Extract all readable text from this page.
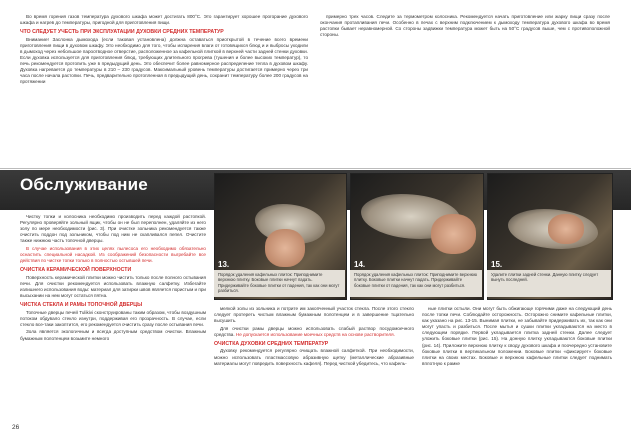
Во время горения газов температура духового шкафа может достигать 800°C. Это гарантирует хорошее прогорание духового шкафа и нагрев до температуры, пригодной для приготовления пищи.

ЧТО СЛЕДУЕТ УЧЕСТЬ ПРИ ЭКСПЛУАТАЦИИ ДУХОВКИ СРЕДНИХ ТЕМПЕРАТУР

Внимание! Заслонка дымохода (если таковая установлена) должна оставаться приоткрытой в течение всего времени приготовления пищи в духовом шкафу. Это необходимо для того, чтобы испарения влаги от готовящихся блюд и и выбросы уходили в дымоход через небольшое пароотводное отверстие, расположенное за кафельной плиткой в верхней части задней стенки духовки. Если духовка используется для приготовления блюд, требующих длительного прогрева (тушения и более высоких температур), то печь рекомендуется протопить уже в предыдущий день. Это обеспечит более равномерное распределение тепла в духовом шкафу. Духовка нагревается до температуры в 210 – 230 градусов. Максимальный уровень температуры достигается примерно через три часа после начала растопки. Печь, предварительно протопленная в предыдущий день, сохранит температуру более 200 градусов на протяжении

примерно трех часов. Следите за термометром колосника. Рекомендуется начать приготовление или жарку пищи сразу после окончания протапливания печи. Особенно в печах с верхним подключением к дымоходу температура духового шкафа во время растопки бывает неравномерной. Со стороны задвижки температура может быть на 50°C градусов выше, чем с противоположной стороны.

Обслуживание
13.	14.	15.
Порядок удаления кафельных плиток: Приподнимите верхнюю плитку. Боковые плитки начнут падать. Придерживайте боковые плитки от падения, так как они могут разбиться.
Порядок удаления кафельных плиток: Приподнимите верхнюю плитку. Боковые плитки начнут падать. Придерживайте боковые плитки от падения, так как они могут разбиться.
Удалите плитки задней стенки. Данную плитку следует вынуть последней.

Чистку топки и колосника необходимо производить перед каждой растопкой. Регулярно проверяйте зольный ящик, чтобы он не был переполнен, удаляйте из него золу по мере необходимости (рис. 3). При очистке зольника рекомендуется также очистить поддон под зольником, чтобы под ним не скапливался пепел. Очистите также нижнюю часть топочной дверцы.

В случае использования в этих целях пылесоса его необходимо обязательно оснастить специальной насадкой. Из соображений безопасности выгребайте все действия по чистке топки только в полностью остывшей печи.

ОЧИСТКА КЕРАМИЧЕСКОЙ ПОВЕРХНОСТИ

Поверхность керамической плитки можно чистить только после полного остывания печи. Для очистки рекомендуется использовать влажную салфетку. Избегайте излишнего использования воды: материал для затирки швов является пористым и при высыхании на нем могут остаться пятна.

ЧИСТКА СТЕКЛА И РАМЫ ТОПОЧНОЙ ДВЕРЦЫ

Топочные дверцы печей Tulikivi сконструированы таким образом, чтобы воздушным потоком обдувало стекло изнутри, поддерживая его прозрачность. В случае, если стекло все-таки закоптится, его рекомендуется очистить сразу после остывания печи.

Зола является экологичным и всегда доступным средством очистки. Влажным бумажным полотенцем возьмите немного

мелкой золы из зольника и потрите им закопченный участок стекла. После этого стекло следует протереть чистым влажным бумажным полотенцем и в завершение тщательно высушить.

Для очистки рамы дверцы можно использовать слабый раствор посудомоечного средства. Не допускается использование моечных средств на основе растворителя.

ОЧИСТКА ДУХОВКИ СРЕДНИХ ТЕМПЕРАТУР

Духовку рекомендуется регулярно очищать влажной салфеткой. При необходимости, можно использовать пластмассовую абразивную щетку (металлические абразивные материалы могут повредить поверхность кафеля). Перед чисткой убедитесь, что кафель-

ные плитки остыли. Они могут быть обжигающе горячими даже на следующий день после топки печи. Соблюдайте осторожность. Осторожно снимите кафельные плитки, как указано на рис. 13-15. Вынимая плитки, не забывайте придерживать их, так как они могут упасть и разбиться. После мытья и сушки плитки укладываются на место в следующем порядке. Первой укладывается плитка задней стенки. Далее следует уложить боковые плитки (рис. 15). На донную плитку укладываются боковые плитки (рис. 14). Приложите верхнюю плитку к своду духового шкафа и поочередно установите боковые плитки в вертикальном положении. Боковые плитки «фиксирует» боковые плитки на своих местах. Боковые и верхнюю кафельные плитки следует поднимать вплотную к рамке

26
